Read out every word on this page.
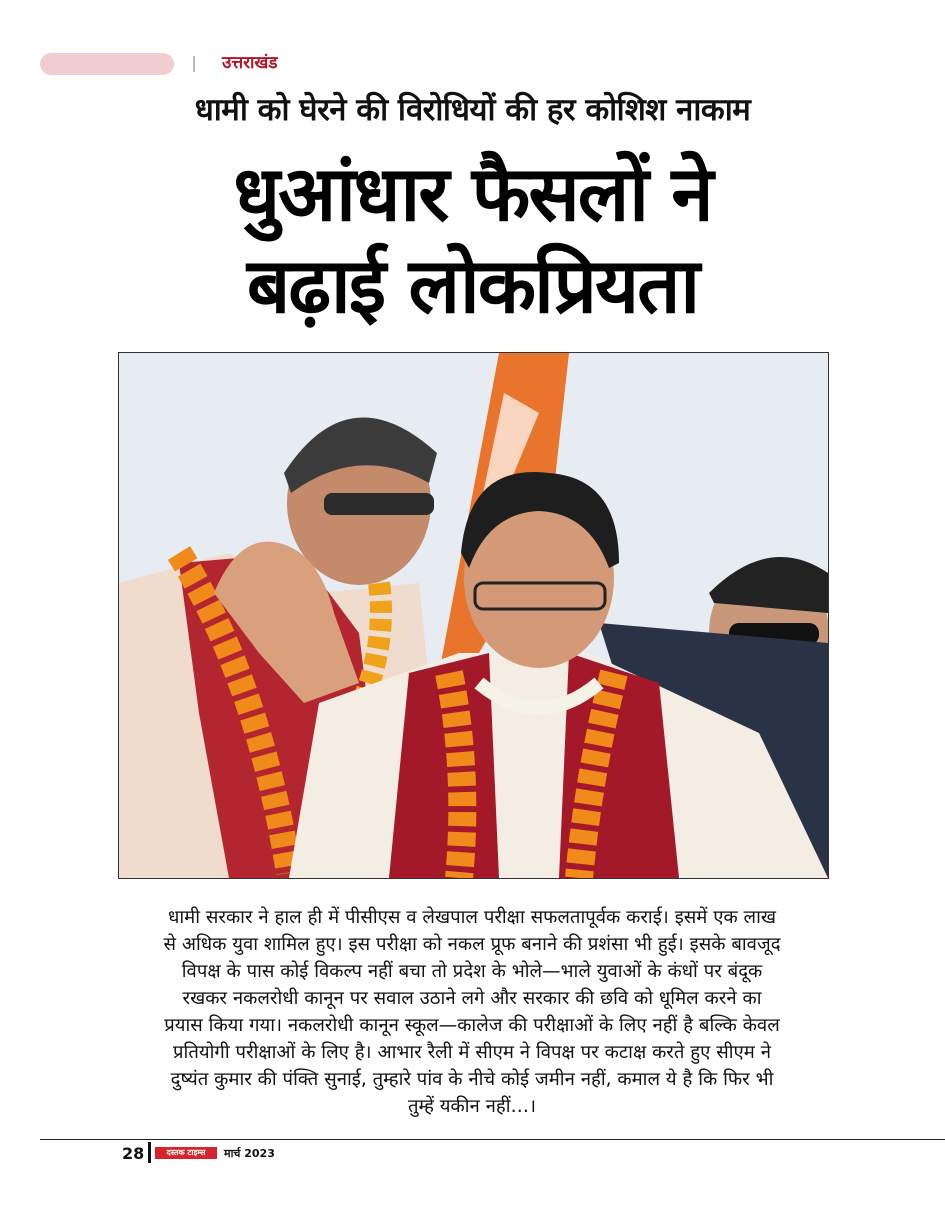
उत्तराखंड
धामी को घेरने की विरोधियों की हर कोशिश नाकाम
धुआंधार फैसलों ने
बढ़ाई लोकप्रियता
धामी सरकार ने हाल ही में पीसीएस व लेखपाल परीक्षा सफलतापूर्वक कराई। इसमें एक लाख
से अधिक युवा शामिल हुए। इस परीक्षा को नकल प्रूफ बनाने की प्रशंसा भी हुई। इसके बावजूद
विपक्ष के पास कोई विकल्प नहीं बचा तो प्रदेश के भोले—भाले युवाओं के कंधों पर बंदूक
रखकर नकलरोधी कानून पर सवाल उठाने लगे और सरकार की छवि को धूमिल करने का
प्रयास किया गया। नकलरोधी कानून स्कूल—कालेज की परीक्षाओं के लिए नहीं है बल्कि केवल
प्रतियोगी परीक्षाओं के लिए है। आभार रैली में सीएम ने विपक्ष पर कटाक्ष करते हुए सीएम ने
दुष्यंत कुमार की पंक्ति सुनाई, तुम्हारे पांव के नीचे कोई जमीन नहीं, कमाल ये है कि फिर भी
तुम्हें यकीन नहीं…।
28	दस्तक टाइम्स	मार्च 2023
